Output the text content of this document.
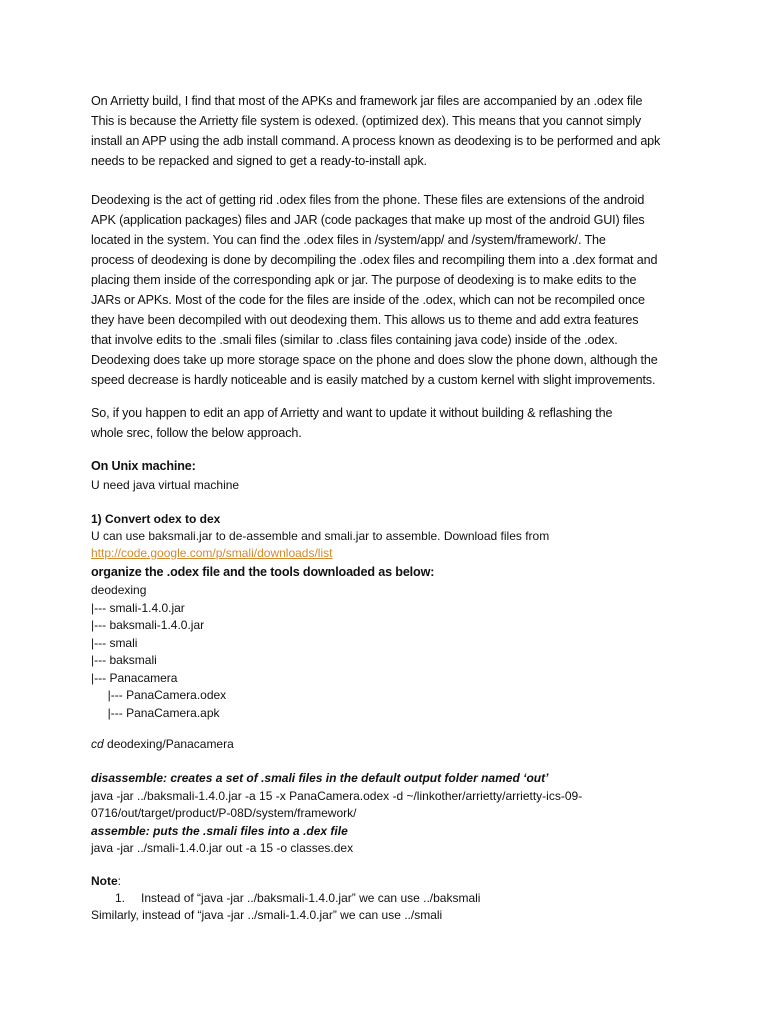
On Arrietty build, I find that most of the APKs and framework jar files are accompanied by an .odex file
This is because the Arrietty file system is odexed. (optimized dex). This means that you cannot simply
install an APP using the adb install command. A process known as deodexing is to be performed and apk
needs to be repacked and signed to get a ready-to-install apk.
Deodexing is the act of getting rid .odex files from the phone. These files are extensions of the android
APK (application packages) files and JAR (code packages that make up most of the android GUI) files
located in the system. You can find the .odex files in /system/app/ and /system/framework/. The
process of deodexing is done by decompiling the .odex files and recompiling them into a .dex format and
placing them inside of the corresponding apk or jar. The purpose of deodexing is to make edits to the
JARs or APKs. Most of the code for the files are inside of the .odex, which can not be recompiled once
they have been decompiled with out deodexing them. This allows us to theme and add extra features
that involve edits to the .smali files (similar to .class files containing java code) inside of the .odex.
Deodexing does take up more storage space on the phone and does slow the phone down, although the
speed decrease is hardly noticeable and is easily matched by a custom kernel with slight improvements.
So, if you happen to edit an app of Arrietty and want to update it without building & reflashing the
whole srec, follow the below approach.
On Unix machine:
U need java virtual machine
1) Convert odex to dex
U can use baksmali.jar to de-assemble and smali.jar to assemble. Download files from
http://code.google.com/p/smali/downloads/list
organize the .odex file and the tools downloaded as below:
deodexing
|--- smali-1.4.0.jar
|--- baksmali-1.4.0.jar
|--- smali
|--- baksmali
|--- Panacamera
|--- PanaCamera.odex
|--- PanaCamera.apk
cd deodexing/Panacamera
disassemble: creates a set of .smali files in the default output folder named ‘out’
java -jar ../baksmali-1.4.0.jar -a 15 -x PanaCamera.odex -d ~/linkother/arrietty/arrietty-ics-09-
0716/out/target/product/P-08D/system/framework/
assemble: puts the .smali files into a .dex file
java -jar ../smali-1.4.0.jar out -a 15 -o classes.dex
Note:
1. Instead of “java -jar ../baksmali-1.4.0.jar” we can use ../baksmali
Similarly, instead of “java -jar ../smali-1.4.0.jar” we can use ../smali
